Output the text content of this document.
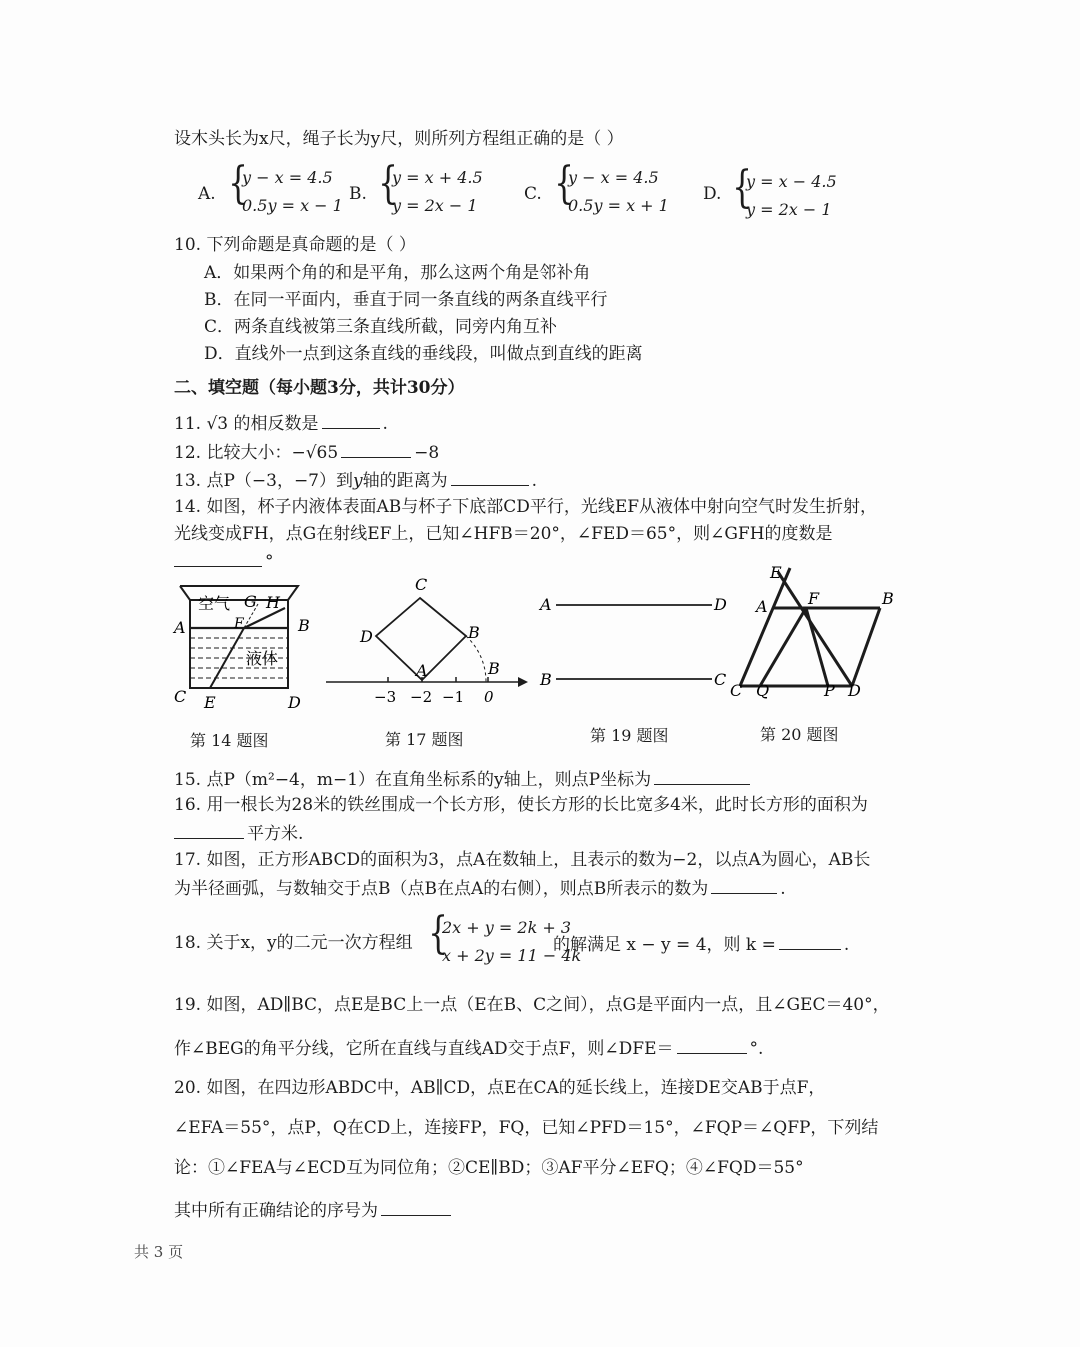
设木头长为x尺，绳子长为y尺，则所列方程组正确的是（ ）
A. {
y − x = 4.5
0.5y = x − 1
B. {
y = x + 4.5
y = 2x − 1
C. {
y − x = 4.5
0.5y = x + 1
D. {
y = x − 4.5
y = 2x − 1
10. 下列命题是真命题的是（ ）
A．如果两个角的和是平角，那么这两个角是邻补角
B．在同一平面内，垂直于同一条直线的两条直线平行
C．两条直线被第三条直线所截，同旁内角互补
D．直线外一点到这条直线的垂线段，叫做点到直线的距离
二、填空题（每小题3分，共计30分）
11. √3 的相反数是	.
12. 比较大小：−√65	−8
13. 点P（−3，−7）到y轴的距离为	.
14. 如图，杯子内液体表面AB与杯子下底部CD平行，光线EF从液体中射向空气时发生折射，
光线变成FH，点G在射线EF上，已知∠HFB＝20°，∠FED＝65°，则∠GFH的度数是
°
空气 G H
F
A	B
液体
C E	D
第 14 题图
C
D	B
A	B
−3 −2 −1 0
第 17 题图
A	D
B	C
第 19 题图
E
A	F	B
C Q	P D
第 20 题图
15. 点P（m²−4，m−1）在直角坐标系的y轴上，则点P坐标为
16. 用一根长为28米的铁丝围成一个长方形，使长方形的长比宽多4米，此时长方形的面积为
平方米.
17. 如图，正方形ABCD的面积为3，点A在数轴上，且表示的数为−2，以点A为圆心，AB长
为半径画弧，与数轴交于点B（点B在点A的右侧），则点B所表示的数为	.
18. 关于x，y的二元一次方程组 {
2x + y = 2k + 3
x + 2y = 11 − 4k
的解满足 x − y = 4，则 k =	.
19. 如图，AD∥BC，点E是BC上一点（E在B、C之间），点G是平面内一点，且∠GEC＝40°，
作∠BEG的角平分线，它所在直线与直线AD交于点F，则∠DFE＝	°.
20. 如图，在四边形ABDC中，AB∥CD，点E在CA的延长线上，连接DE交AB于点F，
∠EFA＝55°，点P，Q在CD上，连接FP，FQ，已知∠PFD＝15°，∠FQP＝∠QFP，下列结
论：①∠FEA与∠ECD互为同位角；②CE∥BD；③AF平分∠EFQ；④∠FQD＝55°
其中所有正确结论的序号为
共 3 页
